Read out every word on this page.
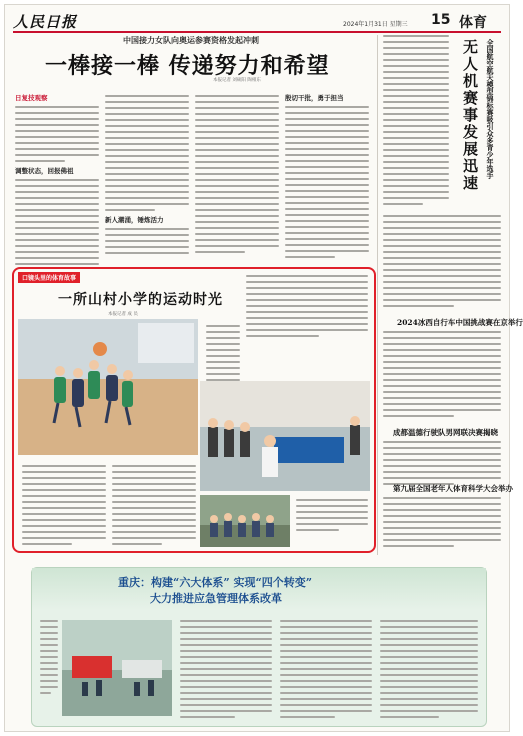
人民日报	2024年1月31日 星期三 15 体育
中国接力女队向奥运参赛资格发起冲刺
一棒接一棒 传递努力和希望
本报记者 刘硕阳 陶相东
日复技观察
调整状态，回报佛祖
新人潮涌，锤炼活力
殷切干批，勇于担当	全国航空航天模型锦标赛吸引众多青少年选手
无人机赛事发展迅速
2024冰西自行车中国挑战赛在京举行
成都温德行驶队男网联决赛揭晓
第九届全国老年人体育科学大会举办
口镜头里的体育故事
一所山村小学的运动时光
本报记者 成 员
重庆：构建“六大体系” 实现“四个转变”
大力推进应急管理体系改革
